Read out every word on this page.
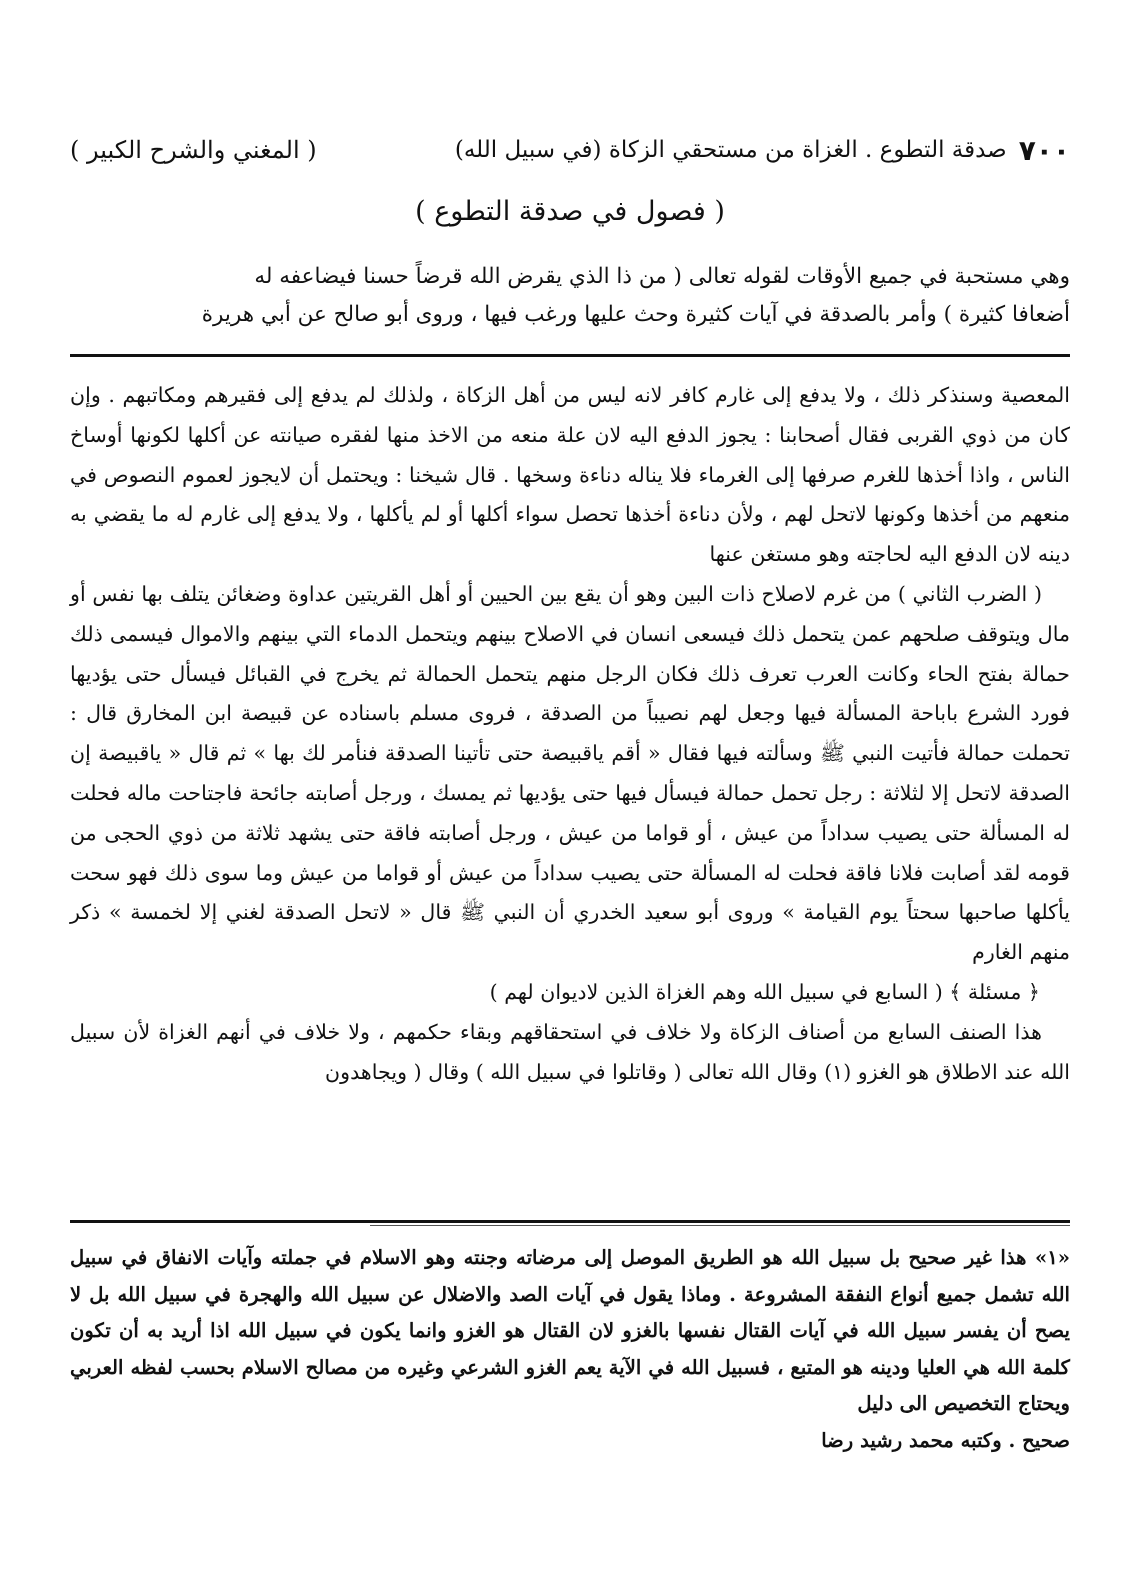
٧٠٠
صدقة التطوع . الغزاة من مستحقي الزكاة (في سبيل الله)
( المغني والشرح الكبير )
( فصول في صدقة التطوع )

وهي مستحبة في جميع الأوقات لقوله تعالى ( من ذا الذي يقرض الله قرضاً حسنا فيضاعفه له

أضعافا كثيرة ) وأمر بالصدقة في آيات كثيرة وحث عليها ورغب فيها ، وروى أبو صالح عن أبي هريرة

المعصية وسنذكر ذلك ، ولا يدفع إلى غارم كافر لانه ليس من أهل الزكاة ، ولذلك لم يدفع إلى فقيرهم ومكاتبهم . وإن كان من ذوي القربى فقال أصحابنا : يجوز الدفع اليه لان علة منعه من الاخذ منها لفقره صيانته عن أكلها لكونها أوساخ الناس ، واذا أخذها للغرم صرفها إلى الغرماء فلا يناله دناءة وسخها . قال شيخنا : ويحتمل أن لايجوز لعموم النصوص في منعهم من أخذها وكونها لاتحل لهم ، ولأن دناءة أخذها تحصل سواء أكلها أو لم يأكلها ، ولا يدفع إلى غارم له ما يقضي به دينه لان الدفع اليه لحاجته وهو مستغن عنها

( الضرب الثاني ) من غرم لاصلاح ذات البين وهو أن يقع بين الحيين أو أهل القريتين عداوة وضغائن يتلف بها نفس أو مال ويتوقف صلحهم عمن يتحمل ذلك فيسعى انسان في الاصلاح بينهم ويتحمل الدماء التي بينهم والاموال فيسمى ذلك حمالة بفتح الحاء وكانت العرب تعرف ذلك فكان الرجل منهم يتحمل الحمالة ثم يخرج في القبائل فيسأل حتى يؤديها فورد الشرع باباحة المسألة فيها وجعل لهم نصيباً من الصدقة ، فروى مسلم باسناده عن قبيصة ابن المخارق قال : تحملت حمالة فأتيت النبي ﷺ وسألته فيها فقال « أقم ياقبيصة حتى تأتينا الصدقة فنأمر لك بها » ثم قال « ياقبيصة إن الصدقة لاتحل إلا لثلاثة : رجل تحمل حمالة فيسأل فيها حتى يؤديها ثم يمسك ، ورجل أصابته جائحة فاجتاحت ماله فحلت له المسألة حتى يصيب سداداً من عيش ، أو قواما من عيش ، ورجل أصابته فاقة حتى يشهد ثلاثة من ذوي الحجى من قومه لقد أصابت فلانا فاقة فحلت له المسألة حتى يصيب سداداً من عيش أو قواما من عيش وما سوى ذلك فهو سحت يأكلها صاحبها سحتاً يوم القيامة » وروى أبو سعيد الخدري أن النبي ﷺ قال « لاتحل الصدقة لغني إلا لخمسة » ذكر منهم الغارم

﴿ مسئلة ﴾ ( السابع في سبيل الله وهم الغزاة الذين لاديوان لهم )

هذا الصنف السابع من أصناف الزكاة ولا خلاف في استحقاقهم وبقاء حكمهم ، ولا خلاف في أنهم الغزاة لأن سبيل الله عند الاطلاق هو الغزو (١) وقال الله تعالى ( وقاتلوا في سبيل الله ) وقال ( ويجاهدون

«١» هذا غير صحيح بل سبيل الله هو الطريق الموصل إلى مرضاته وجنته وهو الاسلام في جملته وآيات الانفاق في سبيل الله تشمل جميع أنواع النفقة المشروعة . وماذا يقول في آيات الصد والاضلال عن سبيل الله والهجرة في سبيل الله بل لا يصح أن يفسر سبيل الله في آيات القتال نفسها بالغزو لان القتال هو الغزو وانما يكون في سبيل الله اذا أريد به أن تكون كلمة الله هي العليا ودينه هو المتبع ، فسبيل الله في الآية يعم الغزو الشرعي وغيره من مصالح الاسلام بحسب لفظه العربي ويحتاج التخصيص الى دليل

صحيح . وكتبه محمد رشيد رضا
